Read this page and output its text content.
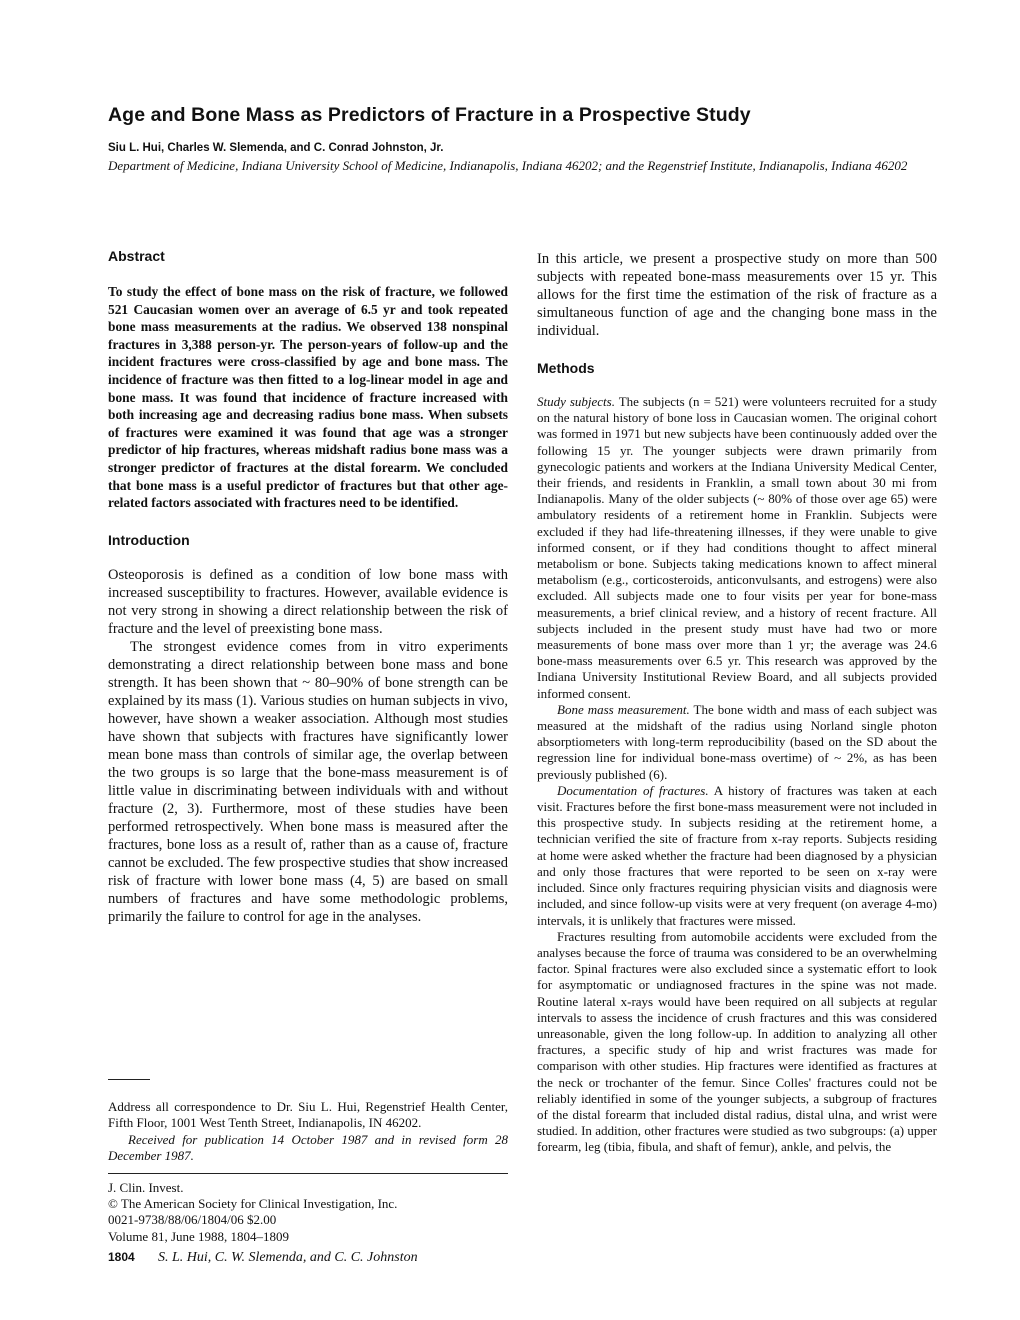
Age and Bone Mass as Predictors of Fracture in a Prospective Study
Siu L. Hui, Charles W. Slemenda, and C. Conrad Johnston, Jr.
Department of Medicine, Indiana University School of Medicine, Indianapolis, Indiana 46202; and the Regenstrief Institute, Indianapolis, Indiana 46202
Abstract

To study the effect of bone mass on the risk of fracture, we followed 521 Caucasian women over an average of 6.5 yr and took repeated bone mass measurements at the radius. We observed 138 nonspinal fractures in 3,388 person-yr. The person-years of follow-up and the incident fractures were cross-classified by age and bone mass. The incidence of fracture was then fitted to a log-linear model in age and bone mass. It was found that incidence of fracture increased with both increasing age and decreasing radius bone mass. When subsets of fractures were examined it was found that age was a stronger predictor of hip fractures, whereas midshaft radius bone mass was a stronger predictor of fractures at the distal forearm. We concluded that bone mass is a useful predictor of fractures but that other age-related factors associated with fractures need to be identified.

Introduction

Osteoporosis is defined as a condition of low bone mass with increased susceptibility to fractures. However, available evidence is not very strong in showing a direct relationship between the risk of fracture and the level of preexisting bone mass.

The strongest evidence comes from in vitro experiments demonstrating a direct relationship between bone mass and bone strength. It has been shown that ~ 80–90% of bone strength can be explained by its mass (1). Various studies on human subjects in vivo, however, have shown a weaker association. Although most studies have shown that subjects with fractures have significantly lower mean bone mass than controls of similar age, the overlap between the two groups is so large that the bone-mass measurement is of little value in discriminating between individuals with and without fracture (2, 3). Furthermore, most of these studies have been performed retrospectively. When bone mass is measured after the fractures, bone loss as a result of, rather than as a cause of, fracture cannot be excluded. The few prospective studies that show increased risk of fracture with lower bone mass (4, 5) are based on small numbers of fractures and have some methodologic problems, primarily the failure to control for age in the analyses.

Address all correspondence to Dr. Siu L. Hui, Regenstrief Health Center, Fifth Floor, 1001 West Tenth Street, Indianapolis, IN 46202.

Received for publication 14 October 1987 and in revised form 28 December 1987.

J. Clin. Invest.
© The American Society for Clinical Investigation, Inc.
0021-9738/88/06/1804/06 $2.00
Volume 81, June 1988, 1804–1809

In this article, we present a prospective study on more than 500 subjects with repeated bone-mass measurements over 15 yr. This allows for the first time the estimation of the risk of fracture as a simultaneous function of age and the changing bone mass in the individual.

Methods

Study subjects. The subjects (n = 521) were volunteers recruited for a study on the natural history of bone loss in Caucasian women. The original cohort was formed in 1971 but new subjects have been continuously added over the following 15 yr. The younger subjects were drawn primarily from gynecologic patients and workers at the Indiana University Medical Center, their friends, and residents in Franklin, a small town about 30 mi from Indianapolis. Many of the older subjects (~ 80% of those over age 65) were ambulatory residents of a retirement home in Franklin. Subjects were excluded if they had life-threatening illnesses, if they were unable to give informed consent, or if they had conditions thought to affect mineral metabolism or bone. Subjects taking medications known to affect mineral metabolism (e.g., corticosteroids, anticonvulsants, and estrogens) were also excluded. All subjects made one to four visits per year for bone-mass measurements, a brief clinical review, and a history of recent fracture. All subjects included in the present study must have had two or more measurements of bone mass over more than 1 yr; the average was 24.6 bone-mass measurements over 6.5 yr. This research was approved by the Indiana University Institutional Review Board, and all subjects provided informed consent.

Bone mass measurement. The bone width and mass of each subject was measured at the midshaft of the radius using Norland single photon absorptiometers with long-term reproducibility (based on the SD about the regression line for individual bone-mass overtime) of ~ 2%, as has been previously published (6).

Documentation of fractures. A history of fractures was taken at each visit. Fractures before the first bone-mass measurement were not included in this prospective study. In subjects residing at the retirement home, a technician verified the site of fracture from x-ray reports. Subjects residing at home were asked whether the fracture had been diagnosed by a physician and only those fractures that were reported to be seen on x-ray were included. Since only fractures requiring physician visits and diagnosis were included, and since follow-up visits were at very frequent (on average 4-mo) intervals, it is unlikely that fractures were missed.

Fractures resulting from automobile accidents were excluded from the analyses because the force of trauma was considered to be an overwhelming factor. Spinal fractures were also excluded since a systematic effort to look for asymptomatic or undiagnosed fractures in the spine was not made. Routine lateral x-rays would have been required on all subjects at regular intervals to assess the incidence of crush fractures and this was considered unreasonable, given the long follow-up. In addition to analyzing all other fractures, a specific study of hip and wrist fractures was made for comparison with other studies. Hip fractures were identified as fractures at the neck or trochanter of the femur. Since Colles' fractures could not be reliably identified in some of the younger subjects, a subgroup of fractures of the distal forearm that included distal radius, distal ulna, and wrist were studied. In addition, other fractures were studied as two subgroups: (a) upper forearm, leg (tibia, fibula, and shaft of femur), ankle, and pelvis, the

1804 S. L. Hui, C. W. Slemenda, and C. C. Johnston
